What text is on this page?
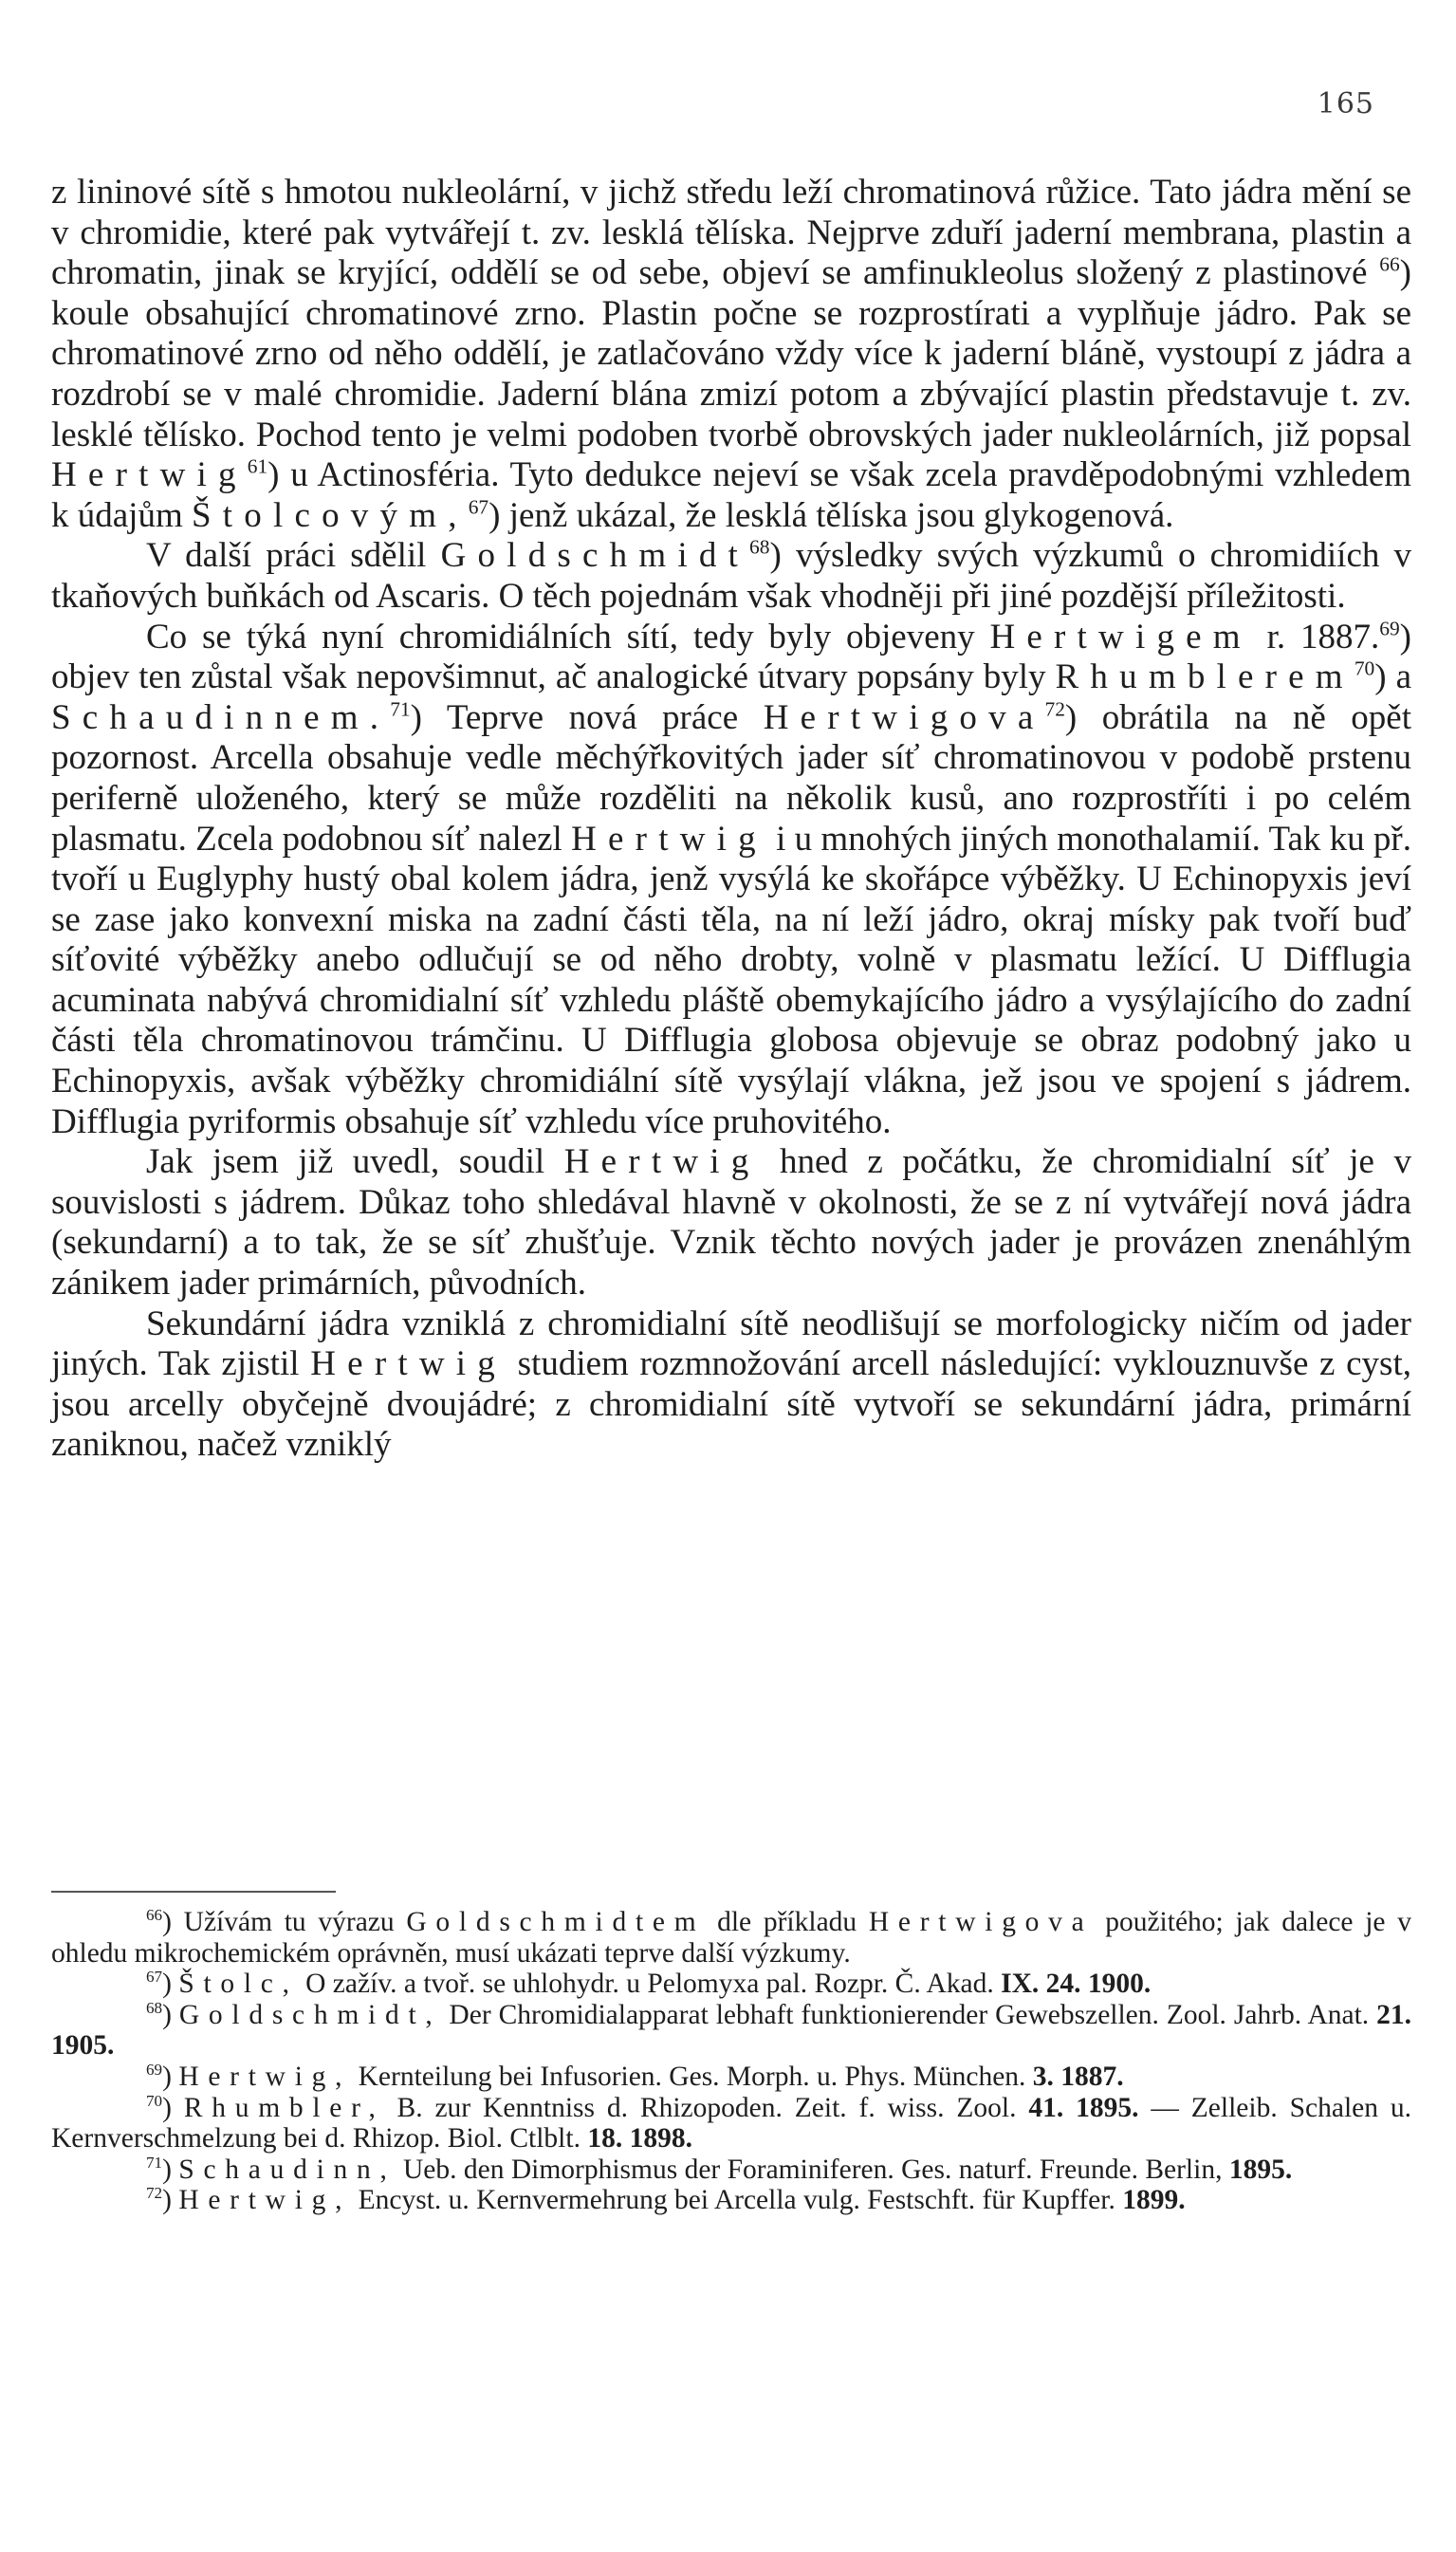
165

z lininové sítě s hmotou nukleolární, v jichž středu leží chromatinová růžice. Tato jádra mění se v chromidie, které pak vytvářejí t. zv. lesklá tělíska. Nejprve zduří jaderní membrana, plastin a chromatin, jinak se kryjící, oddělí se od sebe, objeví se amfinukleolus složený z plastinové $^{66}$) koule obsahující chromatinové zrno. Plastin počne se rozprostírati a vyplňuje jádro. Pak se chromatinové zrno od něho oddělí, je zatlačováno vždy více k jaderní bláně, vystoupí z jádra a rozdrobí se v malé chromidie. Jaderní blána zmizí potom a zbývající plastin představuje t. zv. lesklé tělísko. Pochod tento je velmi podoben tvorbě obrovských jader nukleolárních, již popsal Hertwig$^{61}$) u Actinosféria. Tyto dedukce nejeví se však zcela pravděpodobnými vzhledem k údajům Štolcovým,$^{67}$) jenž ukázal, že lesklá tělíska jsou glykogenová.

V další práci sdělil Goldschmidt$^{68}$) výsledky svých výzkumů o chromidiích v tkaňových buňkách od Ascaris. O těch pojednám však vhodněji při jiné pozdější příležitosti.

Co se týká nyní chromidiálních sítí, tedy byly objeveny Hertwigem r. 1887.69) objev ten zůstal však nepovšimnut, ač analogické útvary popsány byly Rhumblerem$^{70}$) a Schaudinnem.$^{71}$) Teprve nová práce Hertwigova$^{72}$) obrátila na ně opět pozornost. Arcella obsahuje vedle měchýřkovitých jader síť chromatinovou v podobě prstenu periferně uloženého, který se může rozděliti na několik kusů, ano rozprostříti i po celém plasmatu. Zcela podobnou síť nalezl Hertwig i u mnohých jiných monothalamií. Tak ku př. tvoří u Euglyphy hustý obal kolem jádra, jenž vysýlá ke skořápce výběžky. U Echinopyxis jeví se zase jako konvexní miska na zadní části těla, na ní leží jádro, okraj mísky pak tvoří buď síťovité výběžky anebo odlučují se od něho drobty, volně v plasmatu ležící. U Difflugia acuminata nabývá chromidialní síť vzhledu pláště obemykajícího jádro a vysýlajícího do zadní části těla chromatinovou trámčinu. U Difflugia globosa objevuje se obraz podobný jako u Echinopyxis, avšak výběžky chromidiální sítě vysýlají vlákna, jež jsou ve spojení s jádrem. Difflugia pyriformis obsahuje síť vzhledu více pruhovitého.

Jak jsem již uvedl, soudil Hertwig hned z počátku, že chromidialní síť je v souvislosti s jádrem. Důkaz toho shledával hlavně v okolnosti, že se z ní vytvářejí nová jádra (sekundarní) a to tak, že se síť zhušťuje. Vznik těchto nových jader je provázen znenáhlým zánikem jader primárních, původních.

Sekundární jádra vzniklá z chromidialní sítě neodlišují se morfologicky ničím od jader jiných. Tak zjistil Hertwig studiem rozmnožování arcell následující: vyklouznuvše z cyst, jsou arcelly obyčejně dvoujádré; z chromidialní sítě vytvoří se sekundární jádra, primární zaniknou, načež vzniklý

$^{66}$) Užívám tu výrazu Goldschmidtem dle příkladu Hertwigova použitého; jak dalece je v ohledu mikrochemickém oprávněn, musí ukázati teprve další výzkumy.

$^{67}$) Štolc, O zažív. a tvoř. se uhlohydr. u Pelomyxa pal. Rozpr. Č. Akad. IX. 24. 1900.

$^{68}$) Goldschmidt, Der Chromidialapparat lebhaft funktionierender Gewebszellen. Zool. Jahrb. Anat. 21. 1905.

$^{69}$) Hertwig, Kernteilung bei Infusorien. Ges. Morph. u. Phys. München. 3. 1887.

$^{70}$) Rhumbler, B. zur Kenntniss d. Rhizopoden. Zeit. f. wiss. Zool. 41. 1895. — Zelleib. Schalen u. Kernverschmelzung bei d. Rhizop. Biol. Ctlblt. 18. 1898.

$^{71}$) Schaudinn, Ueb. den Dimorphismus der Foraminiferen. Ges. naturf. Freunde. Berlin, 1895.

$^{72}$) Hertwig, Encyst. u. Kernvermehrung bei Arcella vulg. Festschft. für Kupffer. 1899.
